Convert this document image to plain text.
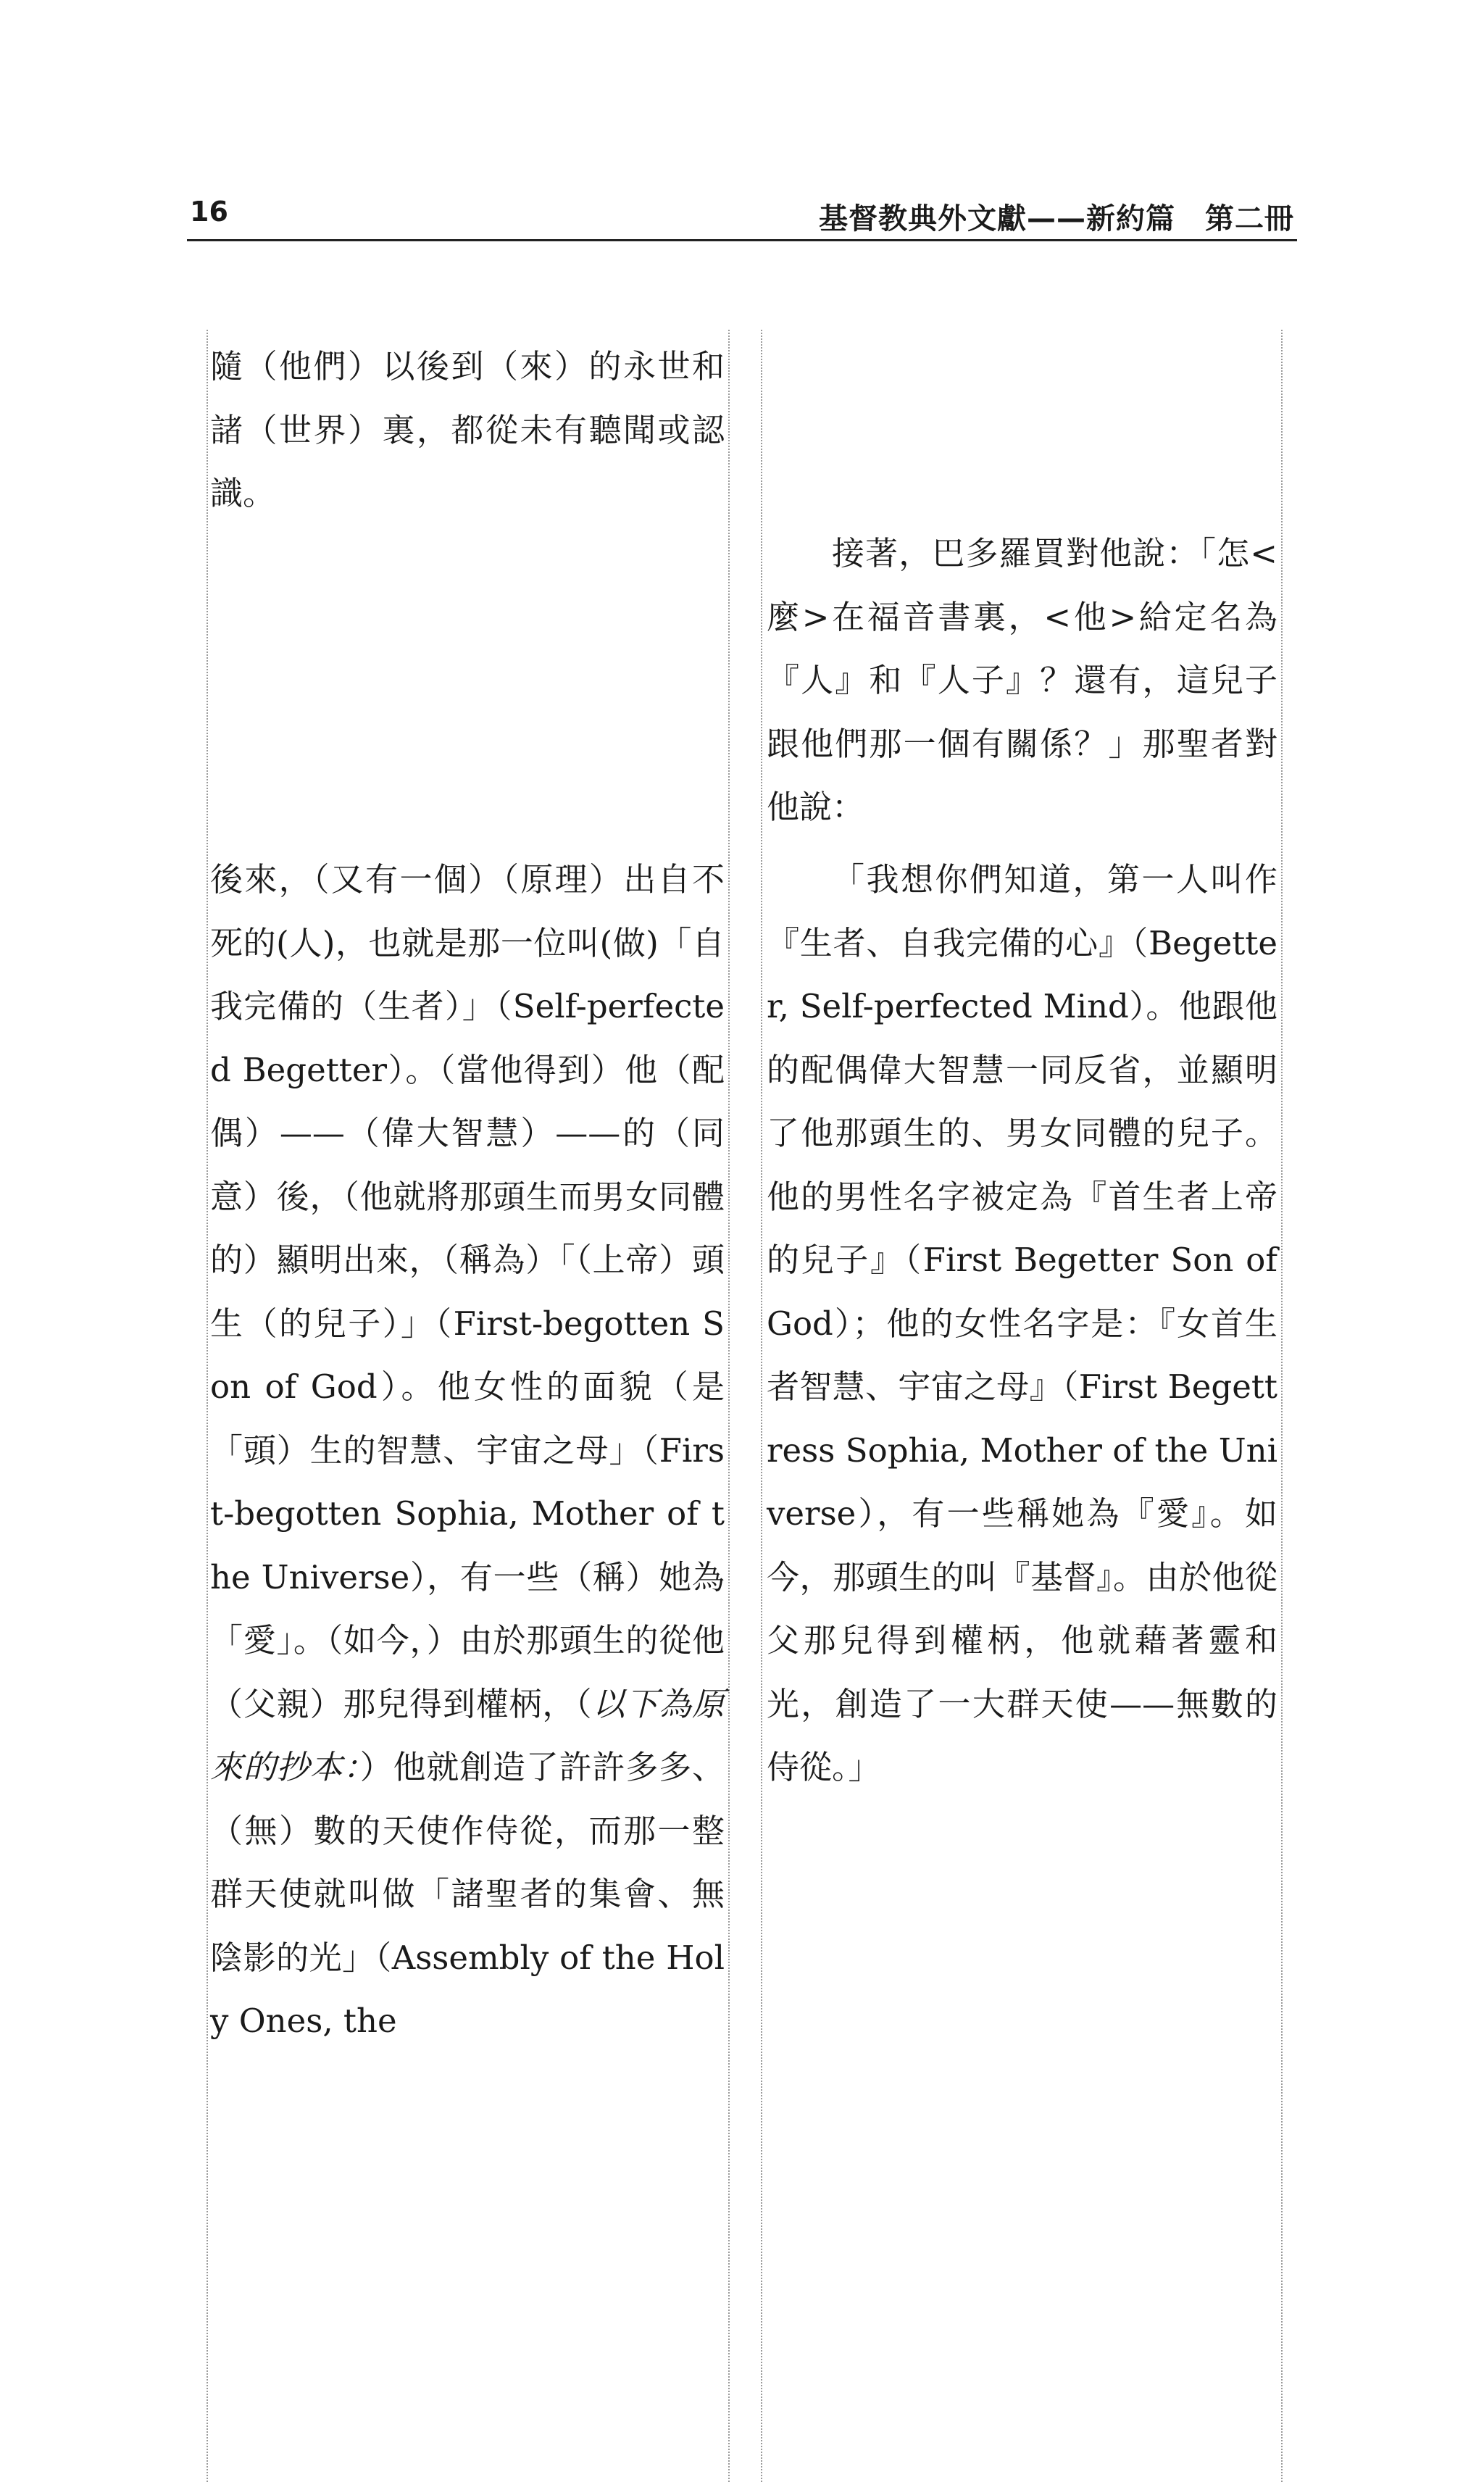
16	基督教典外文獻——新約篇　第二冊

隨（他們）以後到（來）的永世和諸（世界）裏，都從未有聽聞或認識。

後來，（又有一個）（原理）出自不死的(人)，也就是那一位叫(做)「自我完備的（生者）」（Self-perfected Begetter）。（當他得到）他（配偶）——（偉大智慧）——的（同意）後，（他就將那頭生而男女同體的）顯明出來，（稱為）「（上帝）頭生（的兒子）」（First-begotten Son of God）。他女性的面貌（是「頭）生的智慧、宇宙之母」（First-begotten Sophia, Mother of the Universe），有一些（稱）她為「愛」。（如今，）由於那頭生的從他（父親）那兒得到權柄，（以下為原來的抄本：）他就創造了許許多多、（無）數的天使作侍從，而那一整群天使就叫做「諸聖者的集會、無陰影的光」（Assembly of the Holy Ones, the

接著，巴多羅買對他說：「怎<麼>在福音書裏，<他>給定名為『人』和『人子』？還有，這兒子跟他們那一個有關係？」那聖者對他說：

「我想你們知道，第一人叫作『生者、自我完備的心』（Begetter, Self-perfected Mind）。他跟他的配偶偉大智慧一同反省，並顯明了他那頭生的、男女同體的兒子。他的男性名字被定為『首生者上帝的兒子』（First Begetter Son of God）；他的女性名字是：『女首生者智慧、宇宙之母』（First Begettress Sophia, Mother of the Universe），有一些稱她為『愛』。如今，那頭生的叫『基督』。由於他從父那兒得到權柄，他就藉著靈和光，創造了一大群天使——無數的侍從。」
